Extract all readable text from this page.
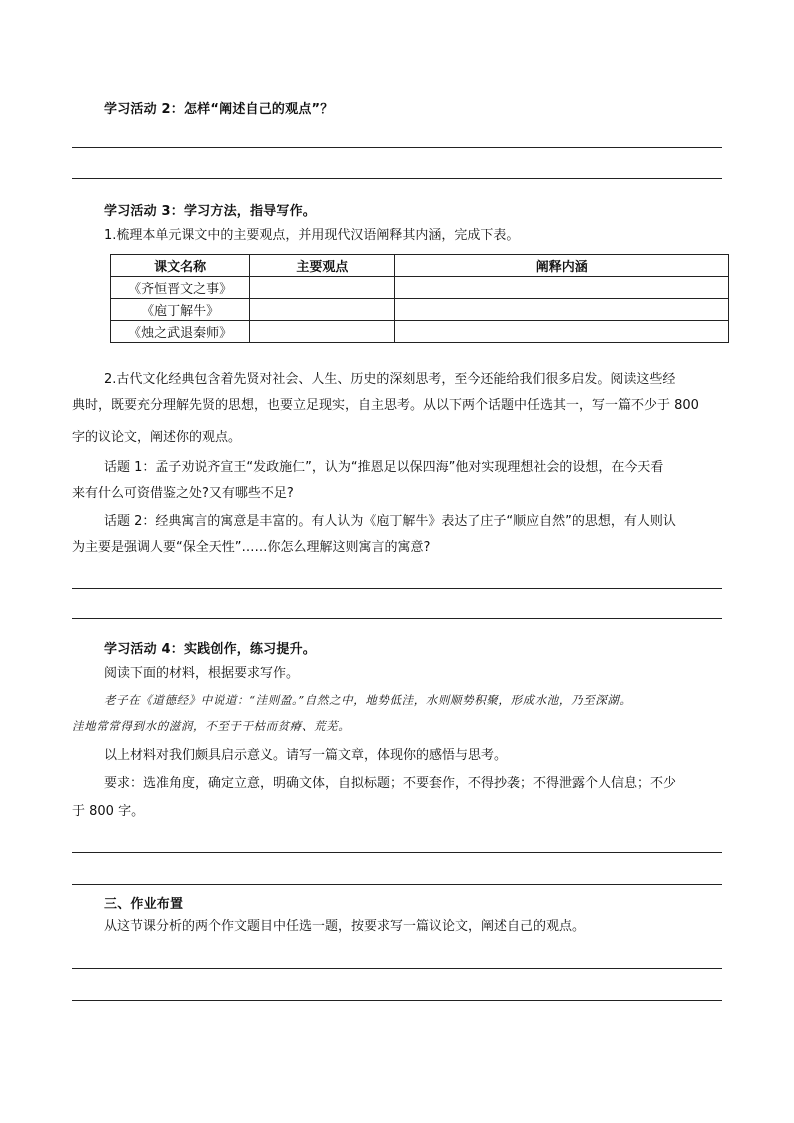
学习活动 2：怎样“阐述自己的观点”？
学习活动 3：学习方法，指导写作。
1.梳理本单元课文中的主要观点，并用现代汉语阐释其内涵，完成下表。
课文名称	主要观点	阐释内涵
《齐恒晋文之事》		
《庖丁解牛》		
《烛之武退秦师》		
2.古代文化经典包含着先贤对社会、人生、历史的深刻思考，至今还能给我们很多启发。阅读这些经
典时，既要充分理解先贤的思想，也要立足现实，自主思考。从以下两个话题中任选其一，写一篇不少于 800
字的议论文，阐述你的观点。
话题 1：孟子劝说齐宣王“发政施仁”，认为“推恩足以保四海”他对实现理想社会的设想，在今天看
来有什么可资借鉴之处?又有哪些不足?
话题 2：经典寓言的寓意是丰富的。有人认为《庖丁解牛》表达了庄子“顺应自然”的思想，有人则认
为主要是强调人要“保全天性”……你怎么理解这则寓言的寓意?
学习活动 4：实践创作，练习提升。
阅读下面的材料，根据要求写作。
老子在《道德经》中说道：“洼则盈。”自然之中，地势低洼，水则顺势积聚，形成水池，乃至深湖。
洼地常常得到水的滋润，不至于干枯而贫瘠、荒芜。
以上材料对我们颇具启示意义。请写一篇文章，体现你的感悟与思考。
要求：选准角度，确定立意，明确文体，自拟标题；不要套作，不得抄袭；不得泄露个人信息；不少
于 800 字。
三、作业布置
从这节课分析的两个作文题目中任选一题，按要求写一篇议论文，阐述自己的观点。
